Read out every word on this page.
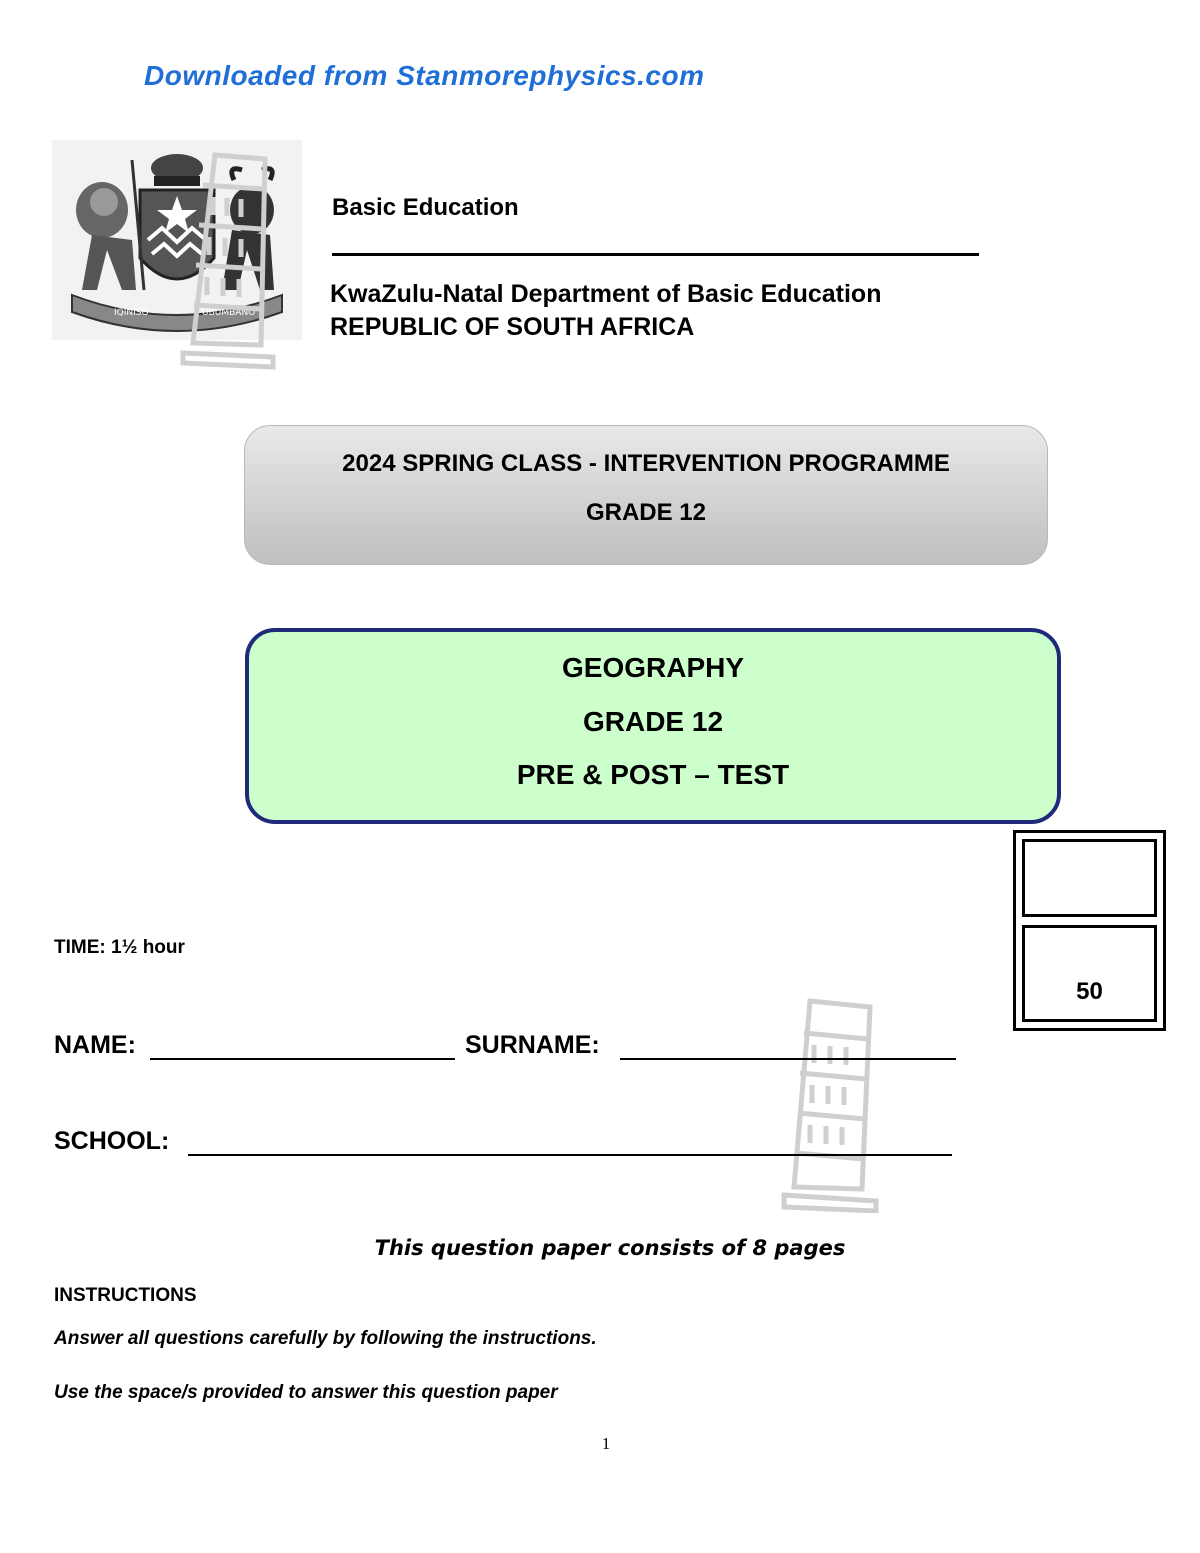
Downloaded from Stanmorephysics.com
IQINISO	UBUMBANO
Basic Education
KwaZulu-Natal Department of Basic Education
REPUBLIC OF SOUTH AFRICA
2024 SPRING CLASS - INTERVENTION PROGRAMME
GRADE 12
GEOGRAPHY
GRADE 12
PRE & POST – TEST
50
TIME: 1½ hour
NAME:	SURNAME:
SCHOOL:
This question paper consists of 8 pages
INSTRUCTIONS
Answer all questions carefully by following the instructions.
Use the space/s provided to answer this question paper
1
